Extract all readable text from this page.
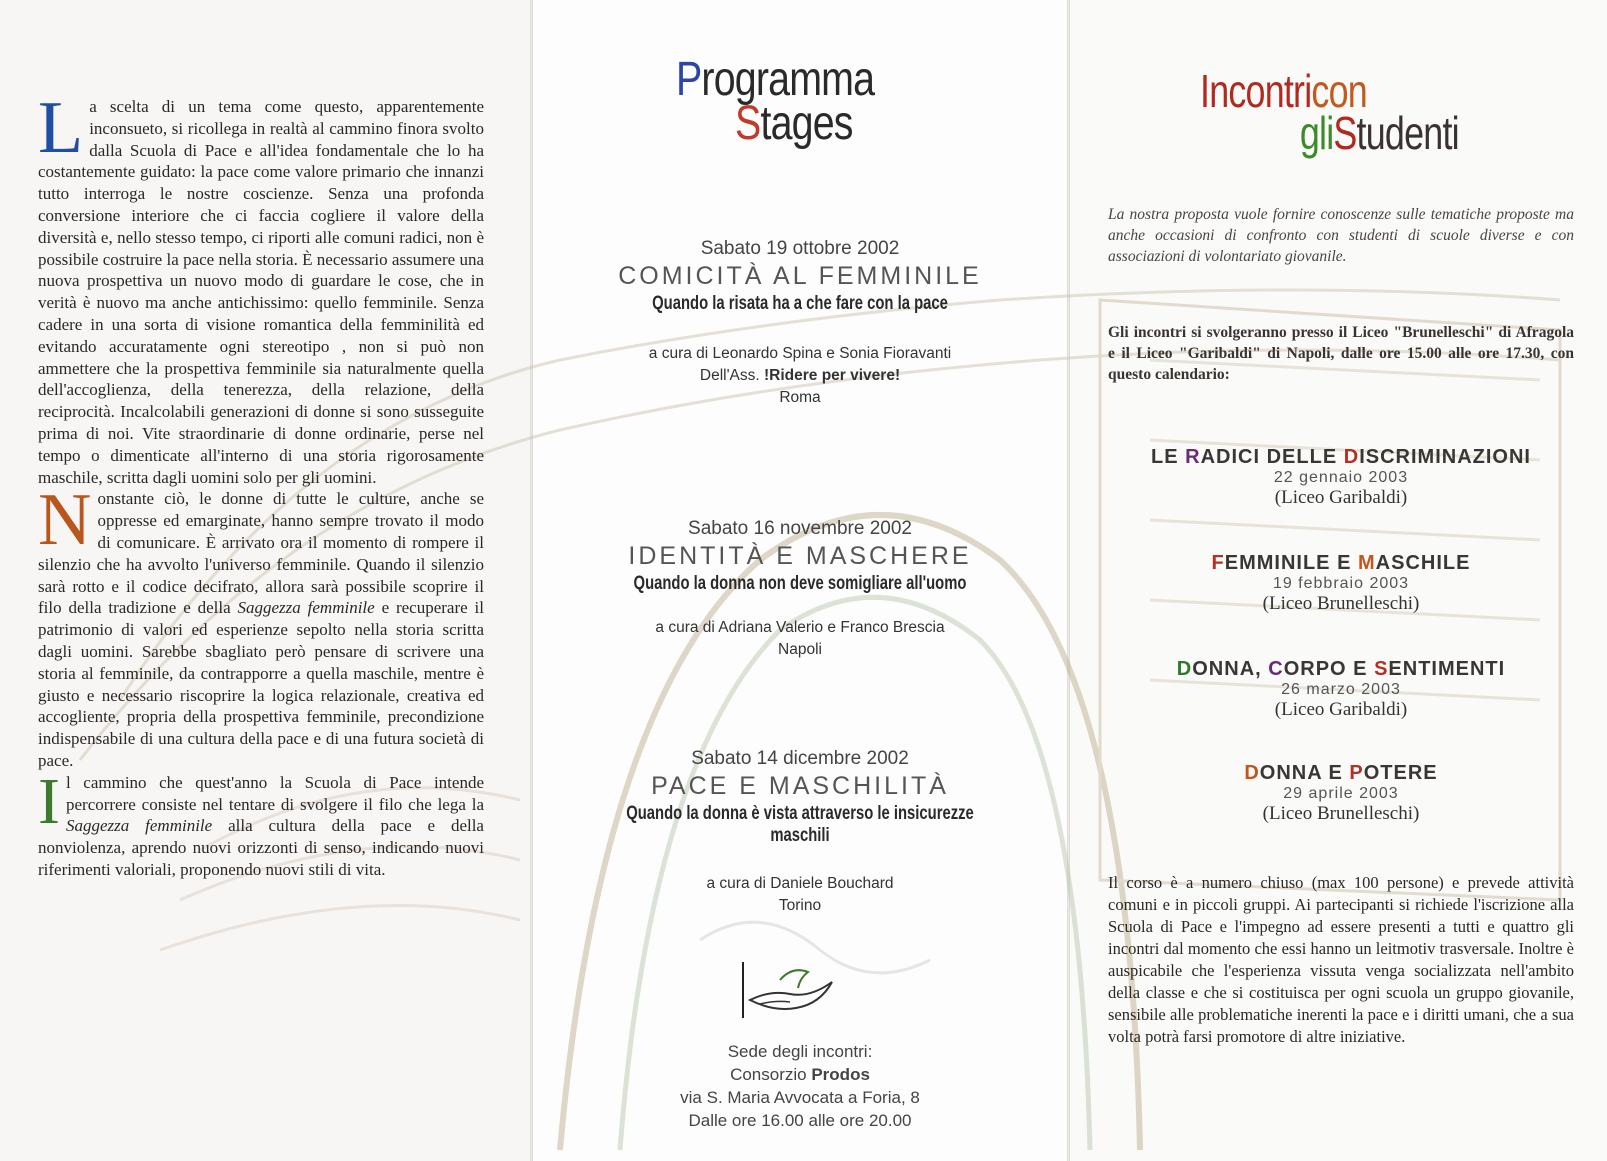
La scelta di un tema come questo, apparentemente inconsueto, si ricollega in realtà al cammino finora svolto dalla Scuola di Pace e all'idea fondamentale che lo ha costantemente guidato: la pace come valore primario che innanzi tutto interroga le nostre coscienze. Senza una profonda conversione interiore che ci faccia cogliere il valore della diversità e, nello stesso tempo, ci riporti alle comuni radici, non è possibile costruire la pace nella storia. È necessario assumere una nuova prospettiva un nuovo modo di guardare le cose, che in verità è nuovo ma anche antichissimo: quello femminile. Senza cadere in una sorta di visione romantica della femminilità ed evitando accuratamente ogni stereotipo , non si può non ammettere che la prospettiva femminile sia naturalmente quella dell'accoglienza, della tenerezza, della relazione, della reciprocità. Incalcolabili generazioni di donne si sono susseguite prima di noi. Vite straordinarie di donne ordinarie, perse nel tempo o dimenticate all'interno di una storia rigorosamente maschile, scritta dagli uomini solo per gli uomini.

Nonstante ciò, le donne di tutte le culture, anche se oppresse ed emarginate, hanno sempre trovato il modo di comunicare. È arrivato ora il momento di rompere il silenzio che ha avvolto l'universo femminile. Quando il silenzio sarà rotto e il codice decifrato, allora sarà possibile scoprire il filo della tradizione e della Saggezza femminile e recuperare il patrimonio di valori ed esperienze sepolto nella storia scritta dagli uomini. Sarebbe sbagliato però pensare di scrivere una storia al femminile, da contrapporre a quella maschile, mentre è giusto e necessario riscoprire la logica relazionale, creativa ed accogliente, propria della prospettiva femminile, precondizione indispensabile di una cultura della pace e di una futura società di pace.

Il cammino che quest'anno la Scuola di Pace intende percorrere consiste nel tentare di svolgere il filo che lega la Saggezza femminile alla cultura della pace e della nonviolenza, aprendo nuovi orizzonti di senso, indicando nuovi riferimenti valoriali, proponendo nuovi stili di vita.

Programma
Stages
Sabato 19 ottobre 2002
COMICITÀ AL FEMMINILE
Quando la risata ha a che fare con la pace
a cura di Leonardo Spina e Sonia Fioravanti
Dell'Ass. !Ridere per vivere!
Roma
Sabato 16 novembre 2002
IDENTITÀ E MASCHERE
Quando la donna non deve somigliare all'uomo
a cura di Adriana Valerio e Franco Brescia
Napoli
Sabato 14 dicembre 2002
PACE E MASCHILITÀ
Quando la donna è vista attraverso le insicurezze maschili
a cura di Daniele Bouchard
Torino
Sede degli incontri:
Consorzio Prodos
via S. Maria Avvocata a Foria, 8
Dalle ore 16.00 alle ore 20.00
Incontricon
gliStudenti
La nostra proposta vuole fornire conoscenze sulle tematiche proposte ma anche occasioni di confronto con studenti di scuole diverse e con associazioni di volontariato giovanile.
Gli incontri si svolgeranno presso il Liceo "Brunelleschi" di Afragola e il Liceo "Garibaldi" di Napoli, dalle ore 15.00 alle ore 17.30, con questo calendario:
LE RADICI DELLE DISCRIMINAZIONI
22 gennaio 2003
(Liceo Garibaldi)
FEMMINILE E MASCHILE
19 febbraio 2003
(Liceo Brunelleschi)
DONNA, CORPO E SENTIMENTI
26 marzo 2003
(Liceo Garibaldi)
DONNA E POTERE
29 aprile 2003
(Liceo Brunelleschi)
Il corso è a numero chiuso (max 100 persone) e prevede attività comuni e in piccoli gruppi. Ai partecipanti si richiede l'iscrizione alla Scuola di Pace e l'impegno ad essere presenti a tutti e quattro gli incontri dal momento che essi hanno un leitmotiv trasversale. Inoltre è auspicabile che l'esperienza vissuta venga socializzata nell'ambito della classe e che si costituisca per ogni scuola un gruppo giovanile, sensibile alle problematiche inerenti la pace e i diritti umani, che a sua volta potrà farsi promotore di altre iniziative.
